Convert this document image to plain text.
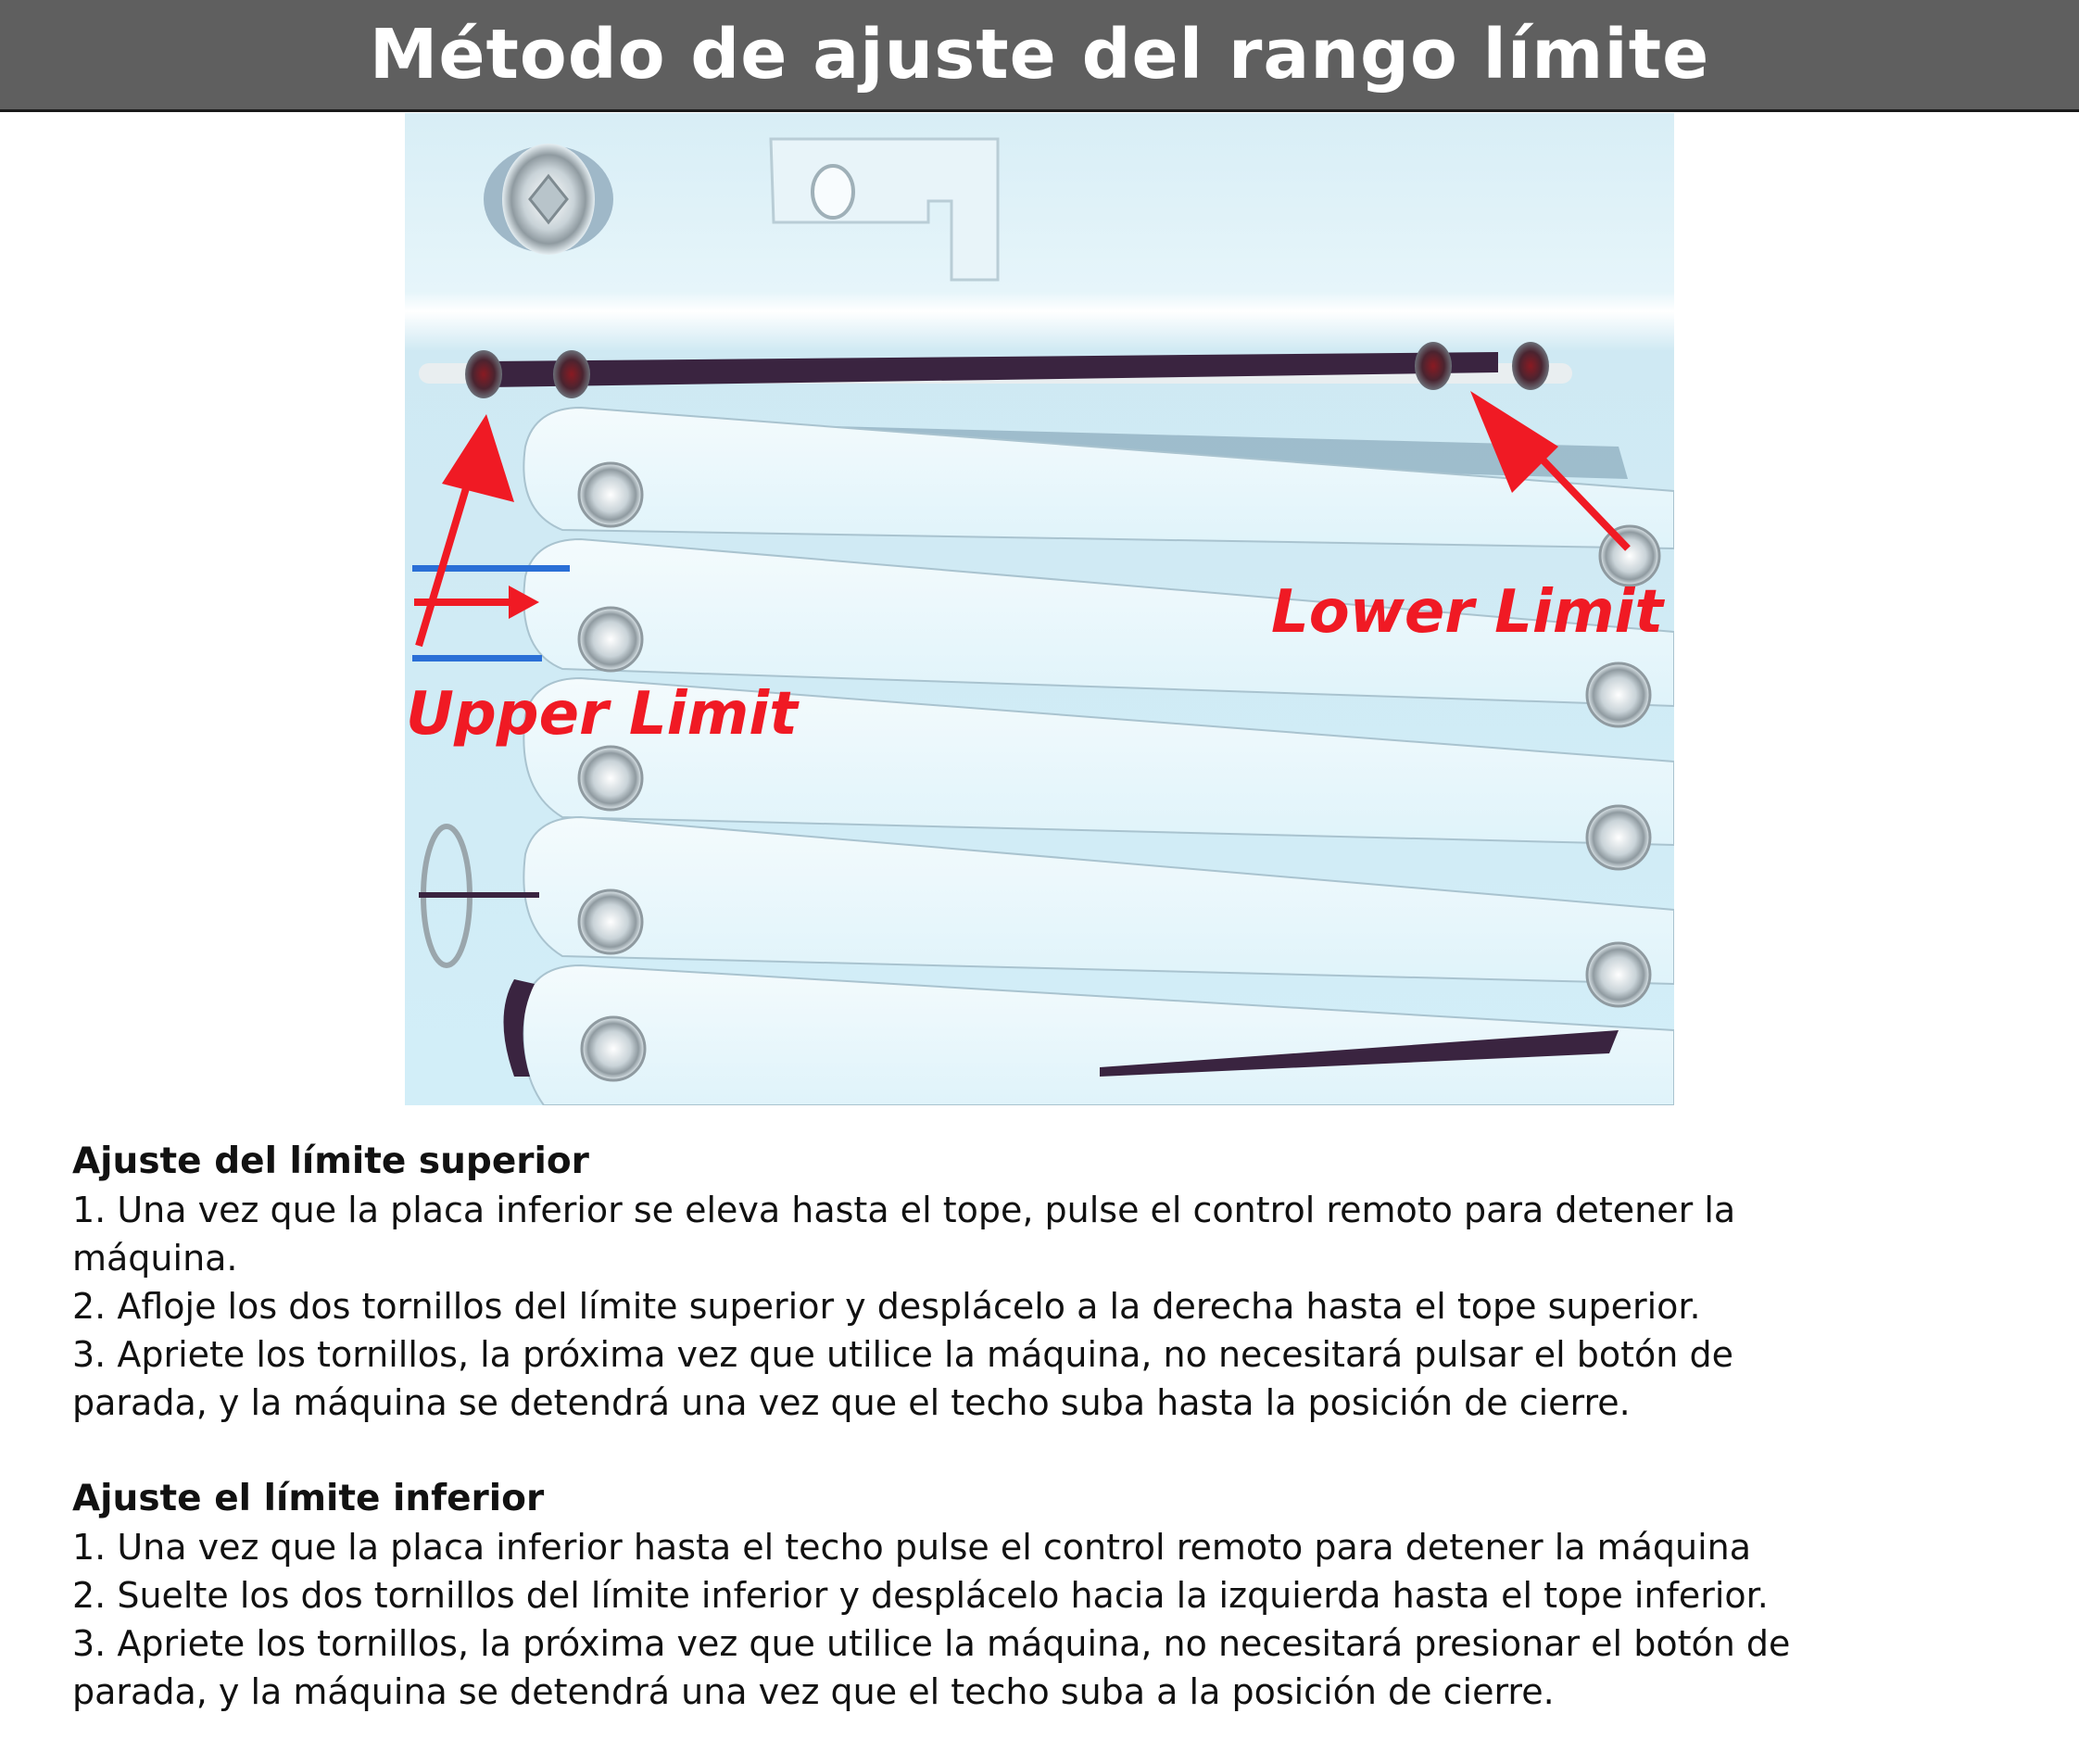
Método de ajuste del rango límite
Upper Limit
Lower Limit
Ajuste del límite superior

1. Una vez que la placa inferior se eleva hasta el tope, pulse el control remoto para detener la

máquina.

2. Afloje los dos tornillos del límite superior y desplácelo a la derecha hasta el tope superior.

3. Apriete los tornillos, la próxima vez que utilice la máquina, no necesitará pulsar el botón de

parada, y la máquina se detendrá una vez que el techo suba hasta la posición de cierre.

Ajuste el límite inferior

1. Una vez que la placa inferior hasta el techo pulse el control remoto para detener la máquina

2. Suelte los dos tornillos del límite inferior y desplácelo hacia la izquierda hasta el tope inferior.

3. Apriete los tornillos, la próxima vez que utilice la máquina, no necesitará presionar el botón de

parada, y la máquina se detendrá una vez que el techo suba a la posición de cierre.
